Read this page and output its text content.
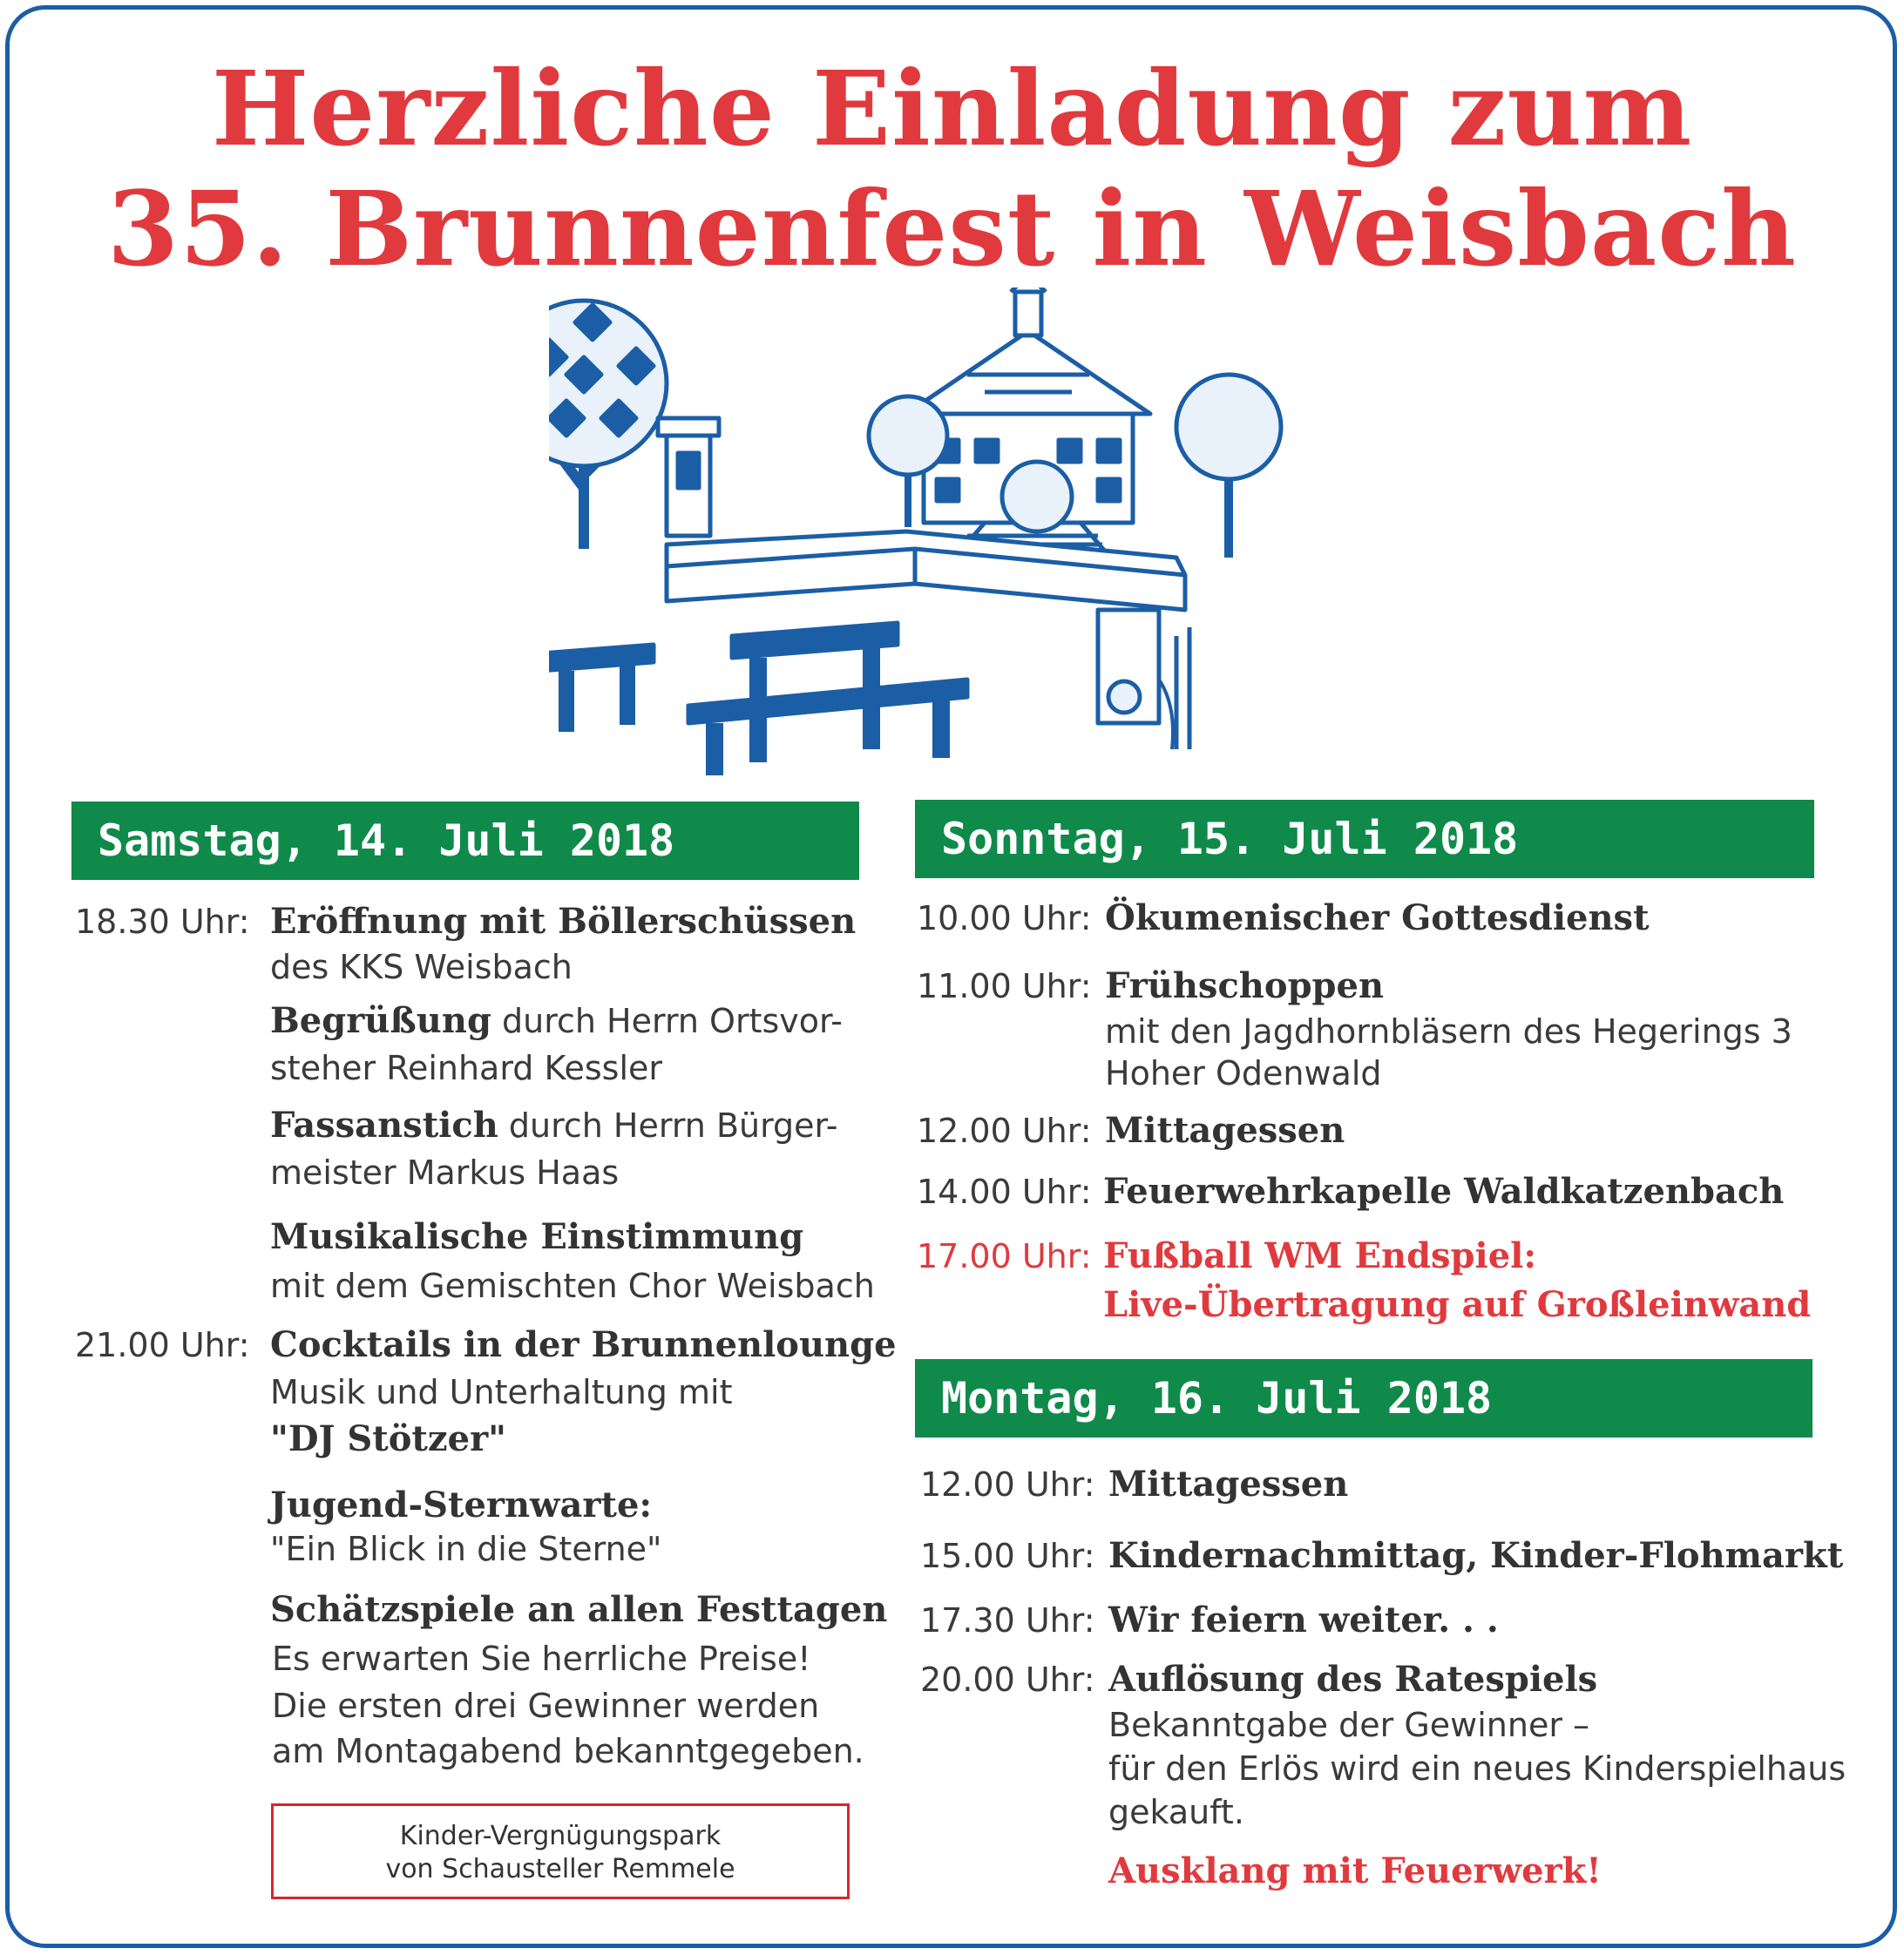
Herzliche Einladung zum
35. Brunnenfest in Weisbach
Samstag, 14. Juli 2018
18.30 Uhr: Eröffnung mit Böllerschüssen
des KKS Weisbach
Begrüßung durch Herrn Ortsvor-
steher Reinhard Kessler
Fassanstich durch Herrn Bürger-
meister Markus Haas
Musikalische Einstimmung
mit dem Gemischten Chor Weisbach
21.00 Uhr: Cocktails in der Brunnenlounge
Musik und Unterhaltung mit
"DJ Stötzer"
Jugend-Sternwarte:
"Ein Blick in die Sterne"
Schätzspiele an allen Festtagen
Es erwarten Sie herrliche Preise!
Die ersten drei Gewinner werden
am Montagabend bekanntgegeben.
Kinder-Vergnügungspark
von Schausteller Remmele
Sonntag, 15. Juli 2018
10.00 Uhr: Ökumenischer Gottesdienst
11.00 Uhr: Frühschoppen
mit den Jagdhornbläsern des Hegerings 3
Hoher Odenwald
12.00 Uhr: Mittagessen
14.00 Uhr: Feuerwehrkapelle Waldkatzenbach
17.00 Uhr: Fußball WM Endspiel:
Live-Übertragung auf Großleinwand
Montag, 16. Juli 2018
12.00 Uhr: Mittagessen
15.00 Uhr: Kindernachmittag, Kinder-Flohmarkt
17.30 Uhr: Wir feiern weiter. . .
20.00 Uhr: Auflösung des Ratespiels
Bekanntgabe der Gewinner –
für den Erlös wird ein neues Kinderspielhaus
gekauft.
Ausklang mit Feuerwerk!
